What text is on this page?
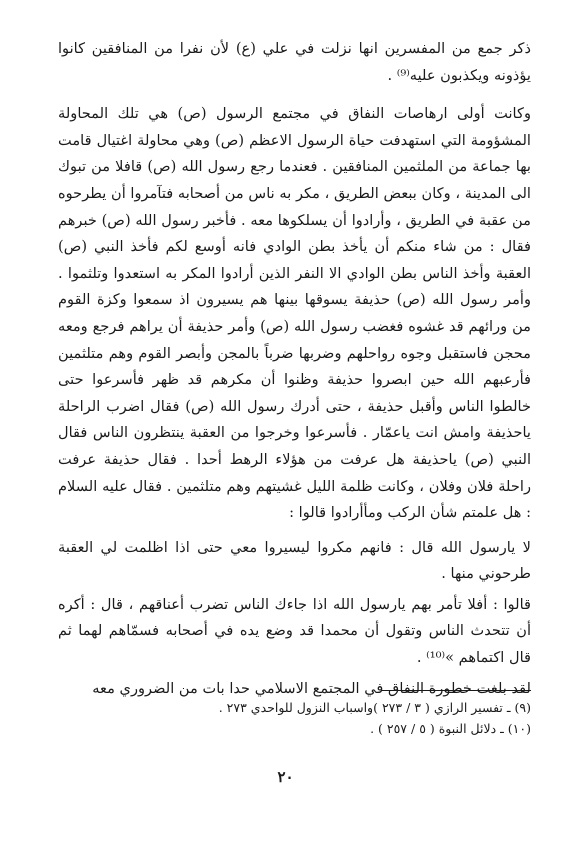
ذكر جمع من المفسرين انها نزلت في علي (ع) لأن نفرا من المنافقين كانوا يؤذونه ويكذبون عليه⁽⁹⁾ .

وكانت أولى ارهاصات النفاق في مجتمع الرسول (ص) هي تلك المحاولة المشؤومة التي استهدفت حياة الرسول الاعظم (ص) وهي محاولة اغتيال قامت بها جماعة من الملثمين المنافقين . فعندما رجع رسول الله (ص) قافلا من تبوك الى المدينة ، وكان ببعض الطريق ، مكر به ناس من أصحابه فتآمروا أن يطرحوه من عقبة في الطريق ، وأرادوا أن يسلكوها معه . فأخبر رسول الله (ص) خبرهم فقال : من شاء منكم أن يأخذ بطن الوادي فانه أوسع لكم فأخذ النبي (ص) العقبة وأخذ الناس بطن الوادي الا النفر الذين أرادوا المكر به استعدوا وتلثموا . وأمر رسول الله (ص) حذيفة يسوقها بينها هم يسيرون اذ سمعوا وكزة القوم من ورائهم قد غشوه فغضب رسول الله (ص) وأمر حذيفة أن يراهم فرجع ومعه محجن فاستقبل وجوه رواحلهم وضربها ضرباً بالمجن وأبصر القوم وهم متلثمين فأرعبهم الله حين ابصروا حذيفة وظنوا أن مكرهم قد ظهر فأسرعوا حتى خالطوا الناس وأقبل حذيفة ، حتى أدرك رسول الله (ص) فقال اضرب الراحلة ياحذيفة وامش انت ياعمّار . فأسرعوا وخرجوا من العقبة ينتظرون الناس فقال النبي (ص) ياحذيفة هل عرفت من هؤلاء الرهط أحدا . فقال حذيفة عرفت راحلة فلان وفلان ، وكانت ظلمة الليل غشيتهم وهم متلثمين . فقال عليه السلام : هل علمتم شأن الركب ومأأرادوا قالوا :

لا يارسول الله قال : فانهم مكروا ليسيروا معي حتى اذا اظلمت لي العقبة طرحوني منها .

قالوا : أفلا تأمر بهم يارسول الله اذا جاءك الناس تضرب أعناقهم ، قال : أكره أن تتحدث الناس وتقول أن محمدا قد وضع يده في أصحابه فسمّاهم لهما ثم قال اكتماهم »⁽¹⁰⁾ .

لقد بلغت خطورة النفاق في المجتمع الاسلامي حدا بات من الضروري معه

(٩) ـ تفسير الرازي ( ٣ / ٢٧٣ )واسباب النزول للواحدي ٢٧٣ .

(١٠) ـ دلائل النبوة ( ٥ / ٢٥٧ ) .

٢٠
